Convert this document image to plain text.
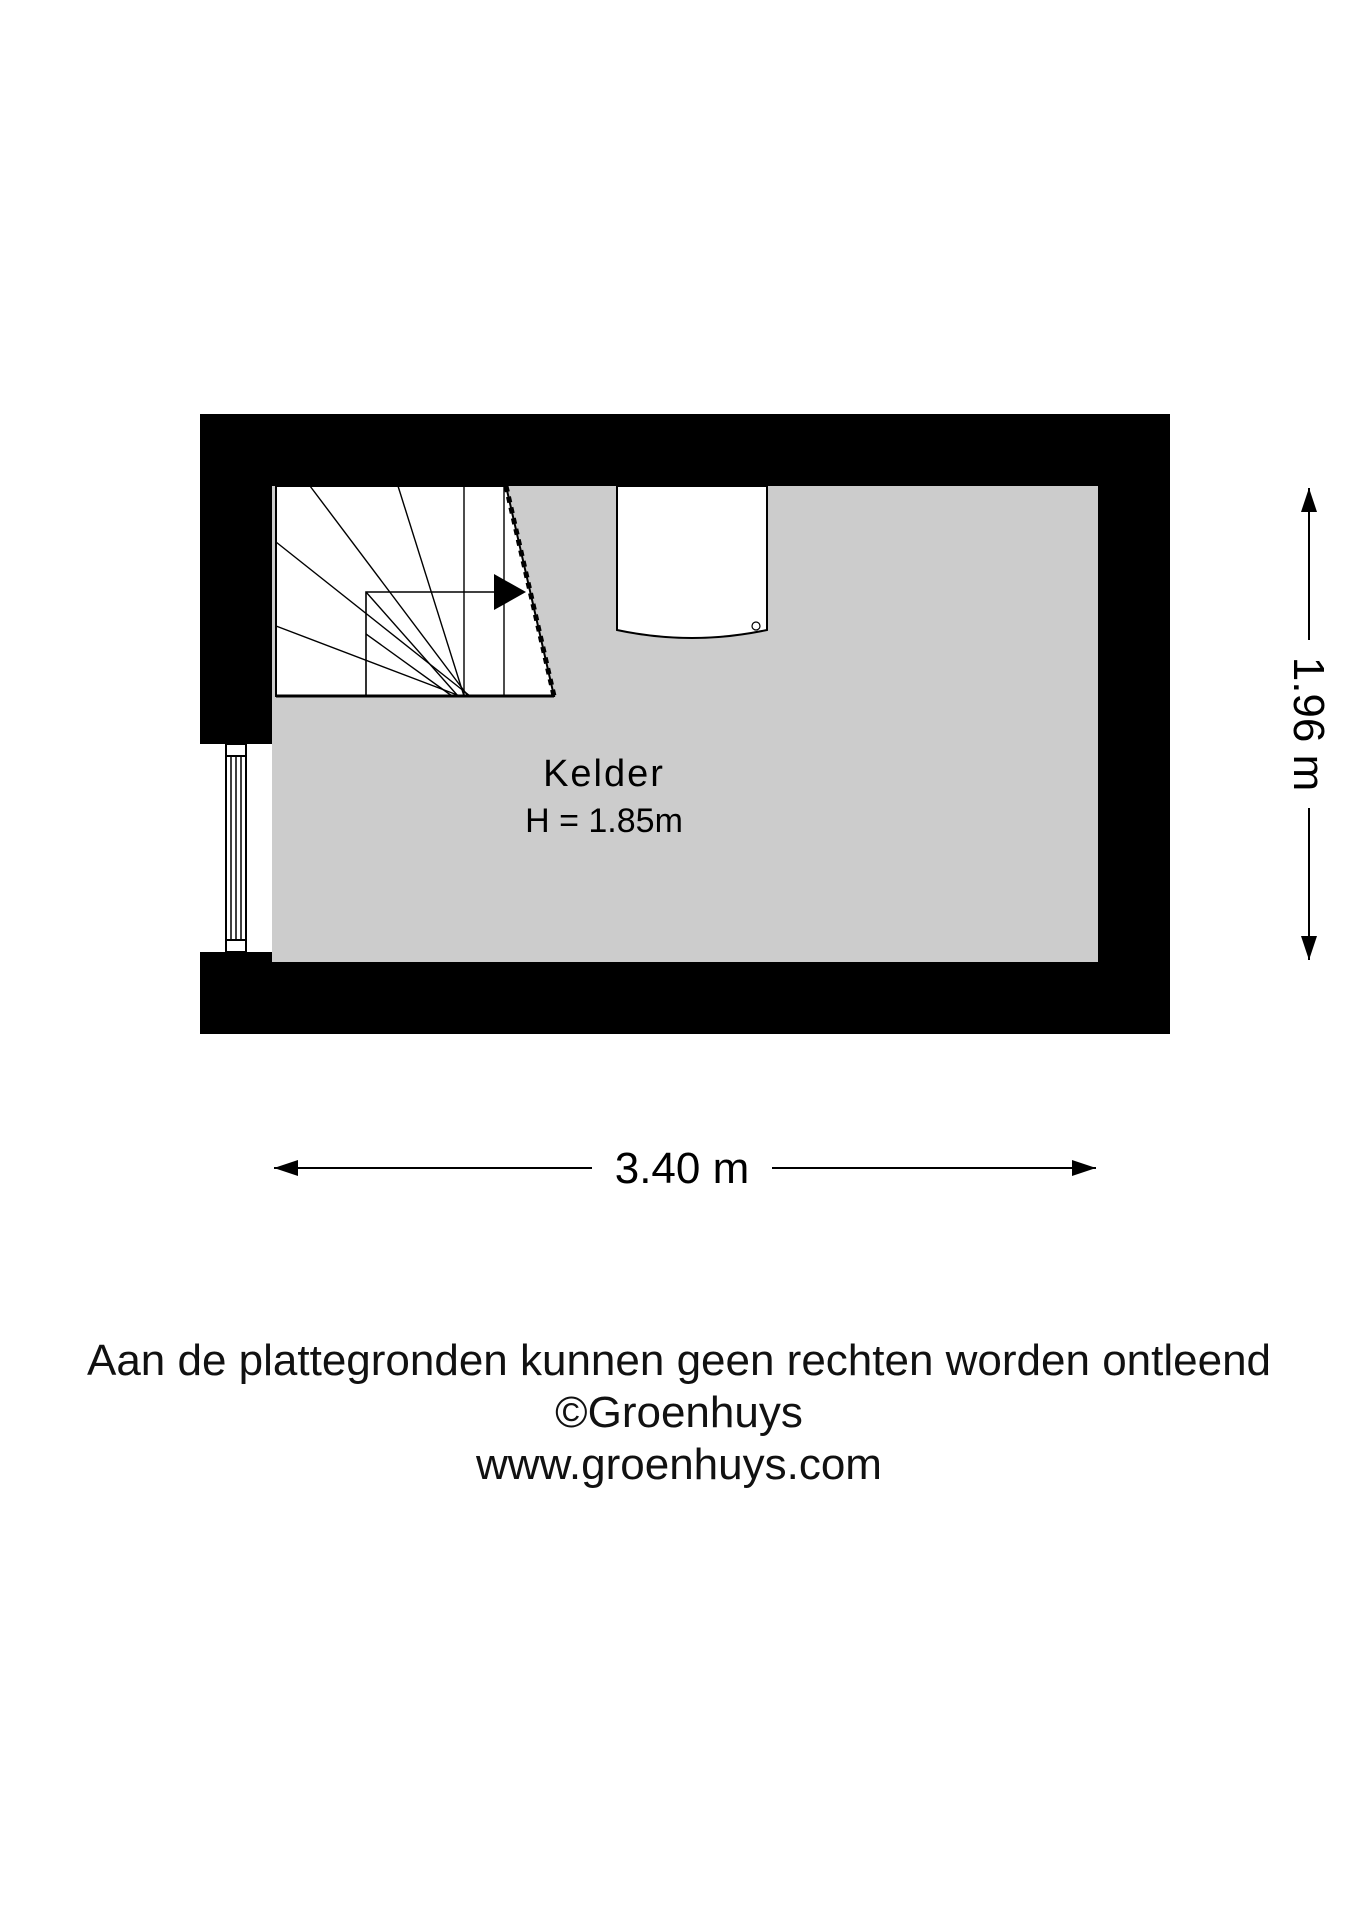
Kelder
H = 1.85m
3.40 m
1.96 m
Aan de plattegronden kunnen geen rechten worden ontleend
©Groenhuys
www.groenhuys.com
